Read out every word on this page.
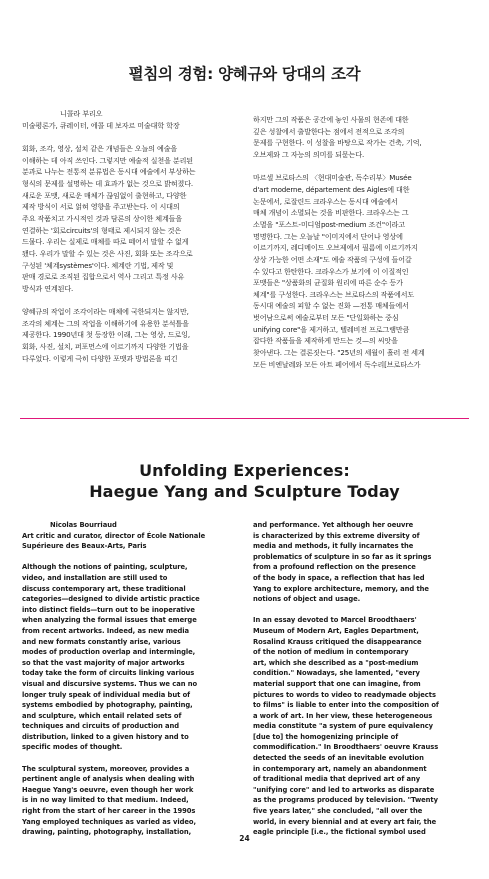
펼침의 경험: 양혜규와 당대의 조각
니콜라 부리오
미술평론가, 큐레이터, 에콜 데 보자르 미술대학 학장
회화, 조각, 영상, 설치 같은 개념들은 오늘의 예술을
이해하는 데 아직 쓰인다. 그렇지만 예술적 실천을 분리된
분과로 나누는 전통적 분류법은 동시대 예술에서 부상하는
형식의 문제를 설명하는 데 효과가 없는 것으로 밝혀졌다.
새로운 포맷, 새로운 매체가 끊임없이 출현하고, 다양한
제작 방식이 서로 얽혀 영향을 주고받는다. 이 시대의
주요 작품치고 가시적인 것과 담론의 상이한 체계들을
연결하는 '회로circuits'의 형태로 제시되지 않는 것은
드물다. 우리는 실제로 매체를 따로 떼어서 말할 수 없게
됐다. 우리가 말할 수 있는 것은 사진, 회화 또는 조각으로
구성된 '체계systèmes'이다. 체계란 기법, 제작 및
판매 경로로 조직된 집합으로서 역사 그리고 특정 사유
방식과 연계된다.
양혜규의 작업이 조각이라는 매체에 국한되지는 않지만,
조각의 체계는 그의 작업을 이해하기에 유용한 분석틀을
제공한다. 1990년대 첫 등장한 이래, 그는 영상, 드로잉,
회화, 사진, 설치, 퍼포먼스에 이르기까지 다양한 기법을
다루었다. 이렇게 극히 다양한 포맷과 방법론을 띠긴
하지만 그의 작품은 공간에 놓인 사물의 현존에 대한
깊은 성찰에서 출발한다는 점에서 전적으로 조각의
문제를 구현한다. 이 성찰을 바탕으로 작가는 건축, 기억,
오브제와 그 자능의 의미를 되묻는다.
마르셀 브로타스의 〈현대미술관, 독수리부〉Musée
d'art moderne, département des Aigles에 대한
논문에서, 로잘린드 크라우스는 동시대 예술에서
매체 개념이 소멸되는 것을 비판한다. 크라우스는 그
소멸을 "포스트-미디엄post-medium 조건"이라고
명명한다. 그는 오늘날 "이미지에서 단어나 영상에
이르기까지, 레디메이드 오브제에서 필름에 이르기까지
상상 가능한 어떤 소재"도 예술 작품의 구성에 들어갈
수 있다고 한탄한다. 크라우스가 보기에 이 이질적인
포맷들은 "상품화의 균질화 원리에 따른 순수 등가
체계"를 구성한다. 크라우스는 브로타스의 작품에서도
동시대 예술의 피할 수 없는 진화 —전통 매체들에서
벗어남으로써 예술로부터 모든 "단일화하는 중심
unifying core"을 제거하고, 텔레비전 프로그램만큼
잡다한 작품들을 제작하게 만드는 것—의 씨앗을
찾아낸다. 그는 결론짓는다. "25년의 세월이 흘러 전 세계
모든 비엔날레와 모든 아트 페어에서 독수리[브로타스가
Unfolding Experiences:
Haegue Yang and Sculpture Today
Nicolas Bourriaud
Art critic and curator, director of École Nationale
Supérieure des Beaux-Arts, Paris
Although the notions of painting, sculpture,
video, and installation are still used to
discuss contemporary art, these traditional
categories—designed to divide artistic practice
into distinct fields—turn out to be inoperative
when analyzing the formal issues that emerge
from recent artworks. Indeed, as new media
and new formats constantly arise, various
modes of production overlap and intermingle,
so that the vast majority of major artworks
today take the form of circuits linking various
visual and discursive systems. Thus we can no
longer truly speak of individual media but of
systems embodied by photography, painting,
and sculpture, which entail related sets of
techniques and circuits of production and
distribution, linked to a given history and to
specific modes of thought.
The sculptural system, moreover, provides a
pertinent angle of analysis when dealing with
Haegue Yang's oeuvre, even though her work
is in no way limited to that medium. Indeed,
right from the start of her career in the 1990s
Yang employed techniques as varied as video,
drawing, painting, photography, installation,
and performance. Yet although her oeuvre
is characterized by this extreme diversity of
media and methods, it fully incarnates the
problematics of sculpture in so far as it springs
from a profound reflection on the presence
of the body in space, a reflection that has led
Yang to explore architecture, memory, and the
notions of object and usage.
In an essay devoted to Marcel Broodthaers'
Museum of Modern Art, Eagles Department,
Rosalind Krauss critiqued the disappearance
of the notion of medium in contemporary
art, which she described as a "post-medium
condition." Nowadays, she lamented, "every
material support that one can imagine, from
pictures to words to video to readymade objects
to films" is liable to enter into the composition of
a work of art. In her view, these heterogeneous
media constitute "a system of pure equivalency
[due to] the homogenizing principle of
commodification." In Broodthaers' oeuvre Krauss
detected the seeds of an inevitable evolution
in contemporary art, namely an abandonment
of traditional media that deprived art of any
"unifying core" and led to artworks as disparate
as the programs produced by television. "Twenty
five years later," she concluded, "all over the
world, in every biennial and at every art fair, the
eagle principle [i.e., the fictional symbol used
24
